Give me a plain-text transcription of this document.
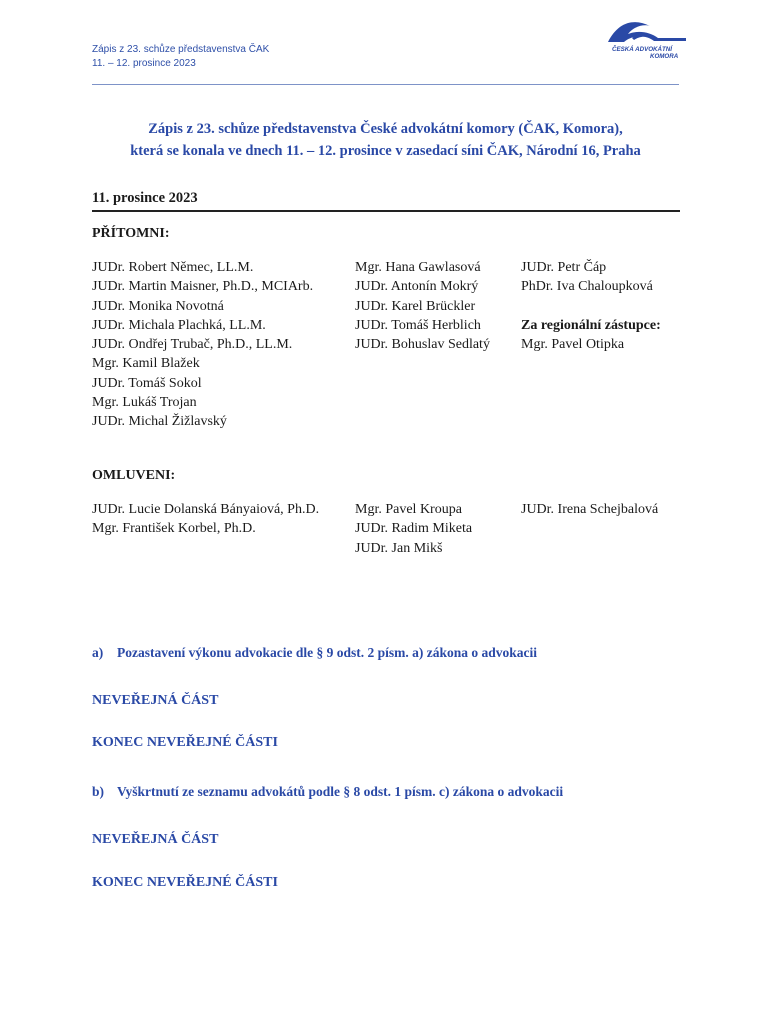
Zápis z 23. schůze představenstva ČAK
11. – 12. prosince 2023
ČESKÁ ADVOKÁTNÍ
KOMORA
Zápis z 23. schůze představenstva České advokátní komory (ČAK, Komora),
která se konala ve dnech 11. – 12. prosince v zasedací síni ČAK, Národní 16, Praha
11. prosince 2023
PŘÍTOMNI:
JUDr. Robert Němec, LL.M.
JUDr. Martin Maisner, Ph.D., MCIArb.
JUDr. Monika Novotná
JUDr. Michala Plachká, LL.M.
JUDr. Ondřej Trubač, Ph.D., LL.M.
Mgr. Kamil Blažek
JUDr. Tomáš Sokol
Mgr. Lukáš Trojan
JUDr. Michal Žižlavský
Mgr. Hana Gawlasová
JUDr. Antonín Mokrý
JUDr. Karel Brückler
JUDr. Tomáš Herblich
JUDr. Bohuslav Sedlatý
JUDr. Petr Čáp
PhDr. Iva Chaloupková

Za regionální zástupce:
Mgr. Pavel Otipka
OMLUVENI:
JUDr. Lucie Dolanská Bányaiová, Ph.D.
Mgr. František Korbel, Ph.D.
Mgr. Pavel Kroupa
JUDr. Radim Miketa
JUDr. Jan Mikš
JUDr. Irena Schejbalová
a) Pozastavení výkonu advokacie dle § 9 odst. 2 písm. a) zákona o advokacii
NEVEŘEJNÁ ČÁST
KONEC NEVEŘEJNÉ ČÁSTI
b) Vyškrtnutí ze seznamu advokátů podle § 8 odst. 1 písm. c) zákona o advokacii
NEVEŘEJNÁ ČÁST
KONEC NEVEŘEJNÉ ČÁSTI
